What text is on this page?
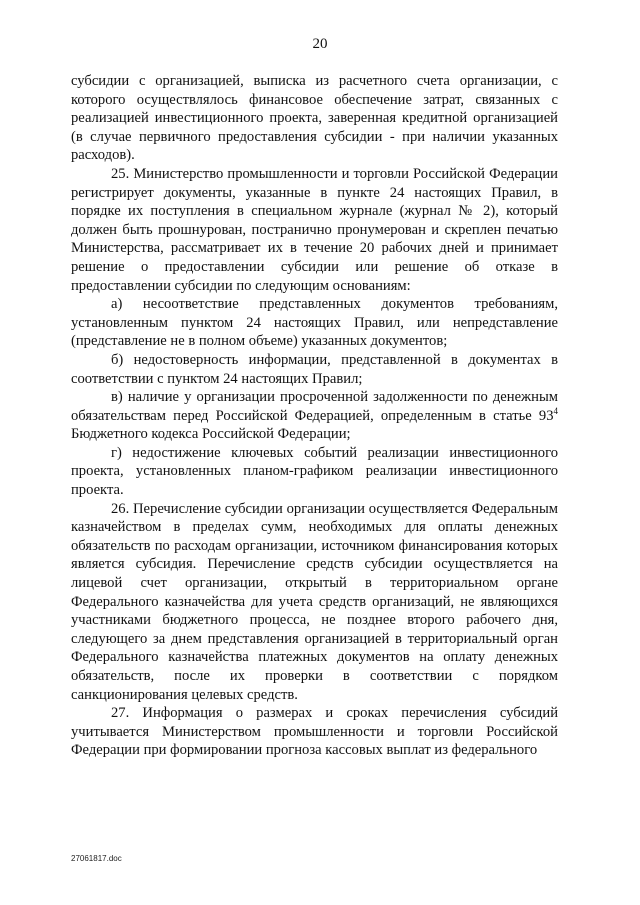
20

субсидии с организацией, выписка из расчетного счета организации, с которого осуществлялось финансовое обеспечение затрат, связанных с реализацией инвестиционного проекта, заверенная кредитной организацией (в случае первичного предоставления субсидии - при наличии указанных расходов).

25. Министерство промышленности и торговли Российской Федерации регистрирует документы, указанные в пункте 24 настоящих Правил, в порядке их поступления в специальном журнале (журнал № 2), который должен быть прошнурован, постранично пронумерован и скреплен печатью Министерства, рассматривает их в течение 20 рабочих дней и принимает решение о предоставлении субсидии или решение об отказе в предоставлении субсидии по следующим основаниям:

а) несоответствие представленных документов требованиям, установленным пунктом 24 настоящих Правил, или непредставление (представление не в полном объеме) указанных документов;

б) недостоверность информации, представленной в документах в соответствии с пунктом 24 настоящих Правил;

в) наличие у организации просроченной задолженности по денежным обязательствам перед Российской Федерацией, определенным в статье $93^4$ Бюджетного кодекса Российской Федерации;

г) недостижение ключевых событий реализации инвестиционного проекта, установленных планом-графиком реализации инвестиционного проекта.

26. Перечисление субсидии организации осуществляется Федеральным казначейством в пределах сумм, необходимых для оплаты денежных обязательств по расходам организации, источником финансирования которых является субсидия. Перечисление средств субсидии осуществляется на лицевой счет организации, открытый в территориальном органе Федерального казначейства для учета средств организаций, не являющихся участниками бюджетного процесса, не позднее второго рабочего дня, следующего за днем представления организацией в территориальный орган Федерального казначейства платежных документов на оплату денежных обязательств, после их проверки в соответствии с порядком санкционирования целевых средств.

27. Информация о размерах и сроках перечисления субсидий учитывается Министерством промышленности и торговли Российской Федерации при формировании прогноза кассовых выплат из федерального

27061817.doc
